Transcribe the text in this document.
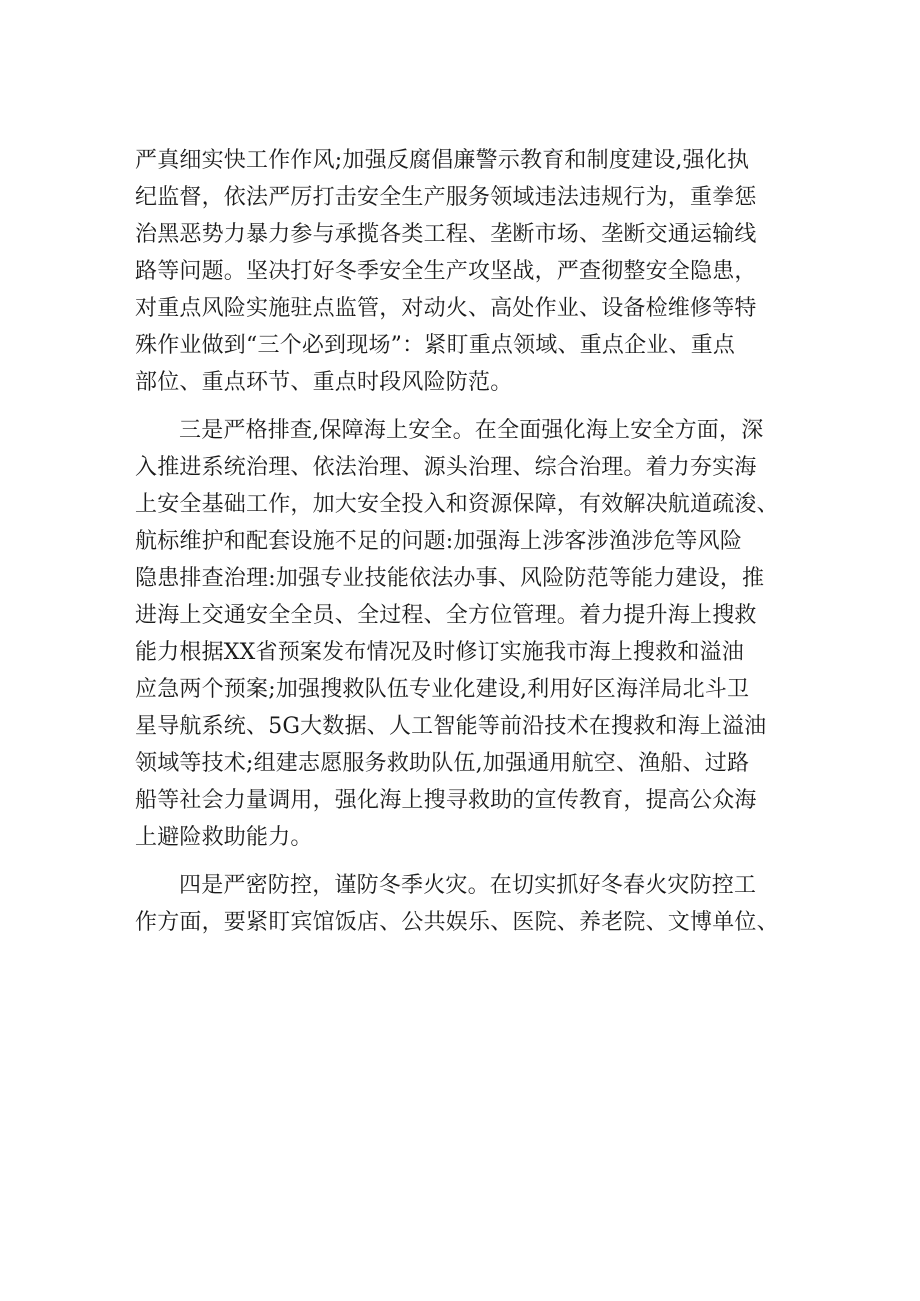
严真细实快工作作风;加强反腐倡廉警示教育和制度建设,强化执
纪监督，依法严厉打击安全生产服务领域违法违规行为，重拳惩
治黑恶势力暴力参与承揽各类工程、垄断市场、垄断交通运输线
路等问题。坚决打好冬季安全生产攻坚战，严查彻整安全隐患，
对重点风险实施驻点监管，对动火、高处作业、设备检维修等特
殊作业做到“三个必到现场”：紧盯重点领域、重点企业、重点
部位、重点环节、重点时段风险防范。
三是严格排查,保障海上安全。在全面强化海上安全方面，深
入推进系统治理、依法治理、源头治理、综合治理。着力夯实海
上安全基础工作，加大安全投入和资源保障，有效解决航道疏浚、
航标维护和配套设施不足的问题:加强海上涉客涉渔涉危等风险
隐患排查治理:加强专业技能依法办事、风险防范等能力建设，推
进海上交通安全全员、全过程、全方位管理。着力提升海上搜救
能力根据XX省预案发布情况及时修订实施我市海上搜救和溢油
应急两个预案;加强搜救队伍专业化建设,利用好区海洋局北斗卫
星导航系统、5G大数据、人工智能等前沿技术在搜救和海上溢油
领域等技术;组建志愿服务救助队伍,加强通用航空、渔船、过路
船等社会力量调用，强化海上搜寻救助的宣传教育，提高公众海
上避险救助能力。
四是严密防控，谨防冬季火灾。在切实抓好冬春火灾防控工
作方面，要紧盯宾馆饭店、公共娱乐、医院、养老院、文博单位、
